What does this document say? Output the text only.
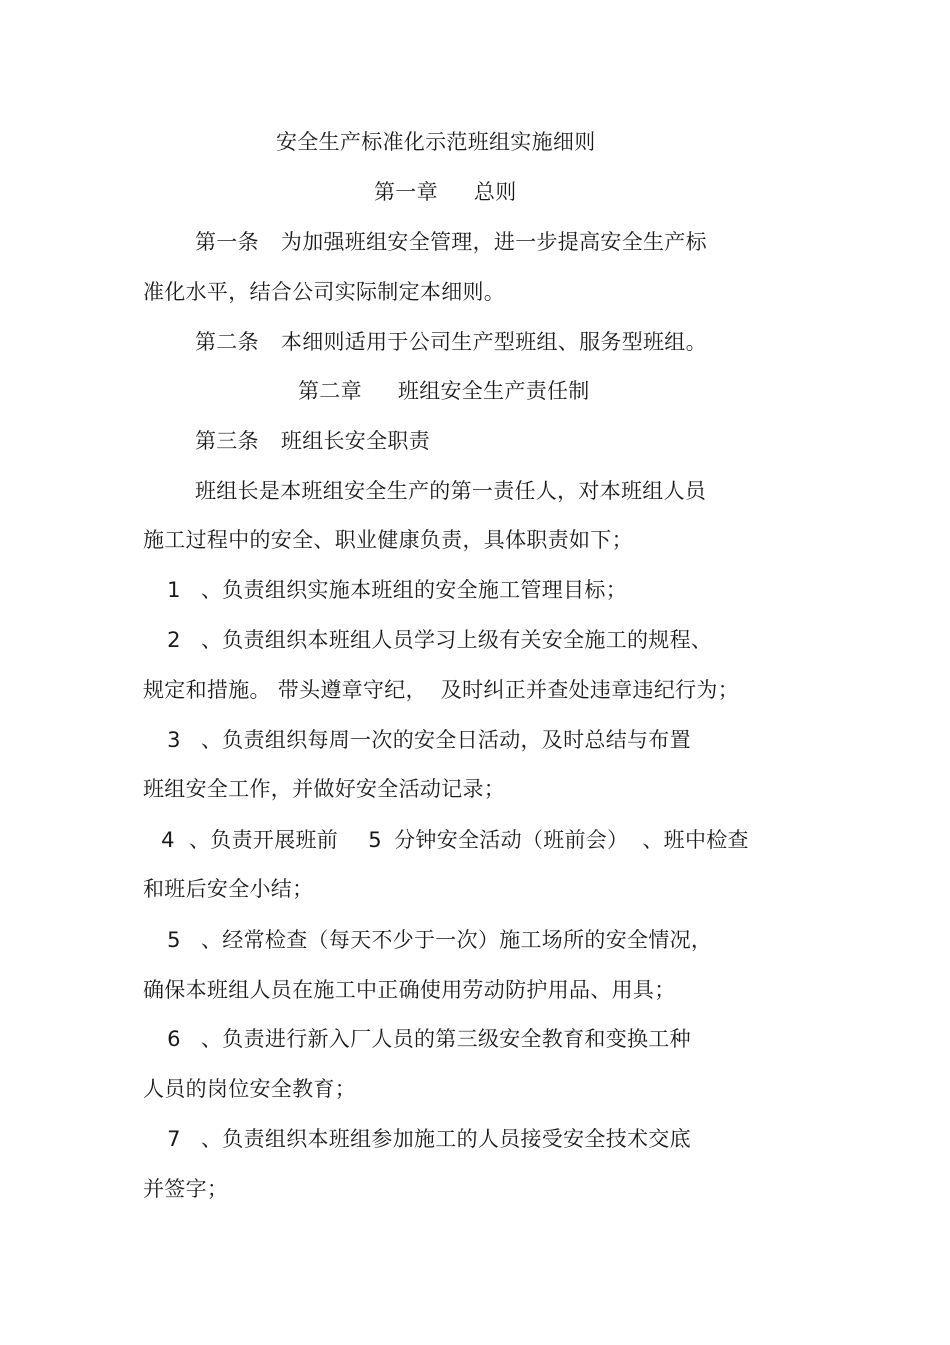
安全生产标准化示范班组实施细则
第一章 总则
第一条 为加强班组安全管理，进一步提高安全生产标
准化水平，结合公司实际制定本细则。
第二条 本细则适用于公司生产型班组、服务型班组。
第二章 班组安全生产责任制
第三条 班组长安全职责
班组长是本班组安全生产的第一责任人，对本班组人员
施工过程中的安全、职业健康负责，具体职责如下；
1 、负责组织实施本班组的安全施工管理目标；
2 、负责组织本班组人员学习上级有关安全施工的规程、
规定和措施。 带头遵章守纪，  及时纠正并查处违章违纪行为；
3 、负责组织每周一次的安全日活动，及时总结与布置
班组安全工作，并做好安全活动记录；
4 、负责开展班前 5 分钟安全活动（班前会）  、班中检查
和班后安全小结；
5 、经常检查（每天不少于一次）施工场所的安全情况，
确保本班组人员在施工中正确使用劳动防护用品、用具；
6 、负责进行新入厂人员的第三级安全教育和变换工种
人员的岗位安全教育；
7 、负责组织本班组参加施工的人员接受安全技术交底
并签字；
